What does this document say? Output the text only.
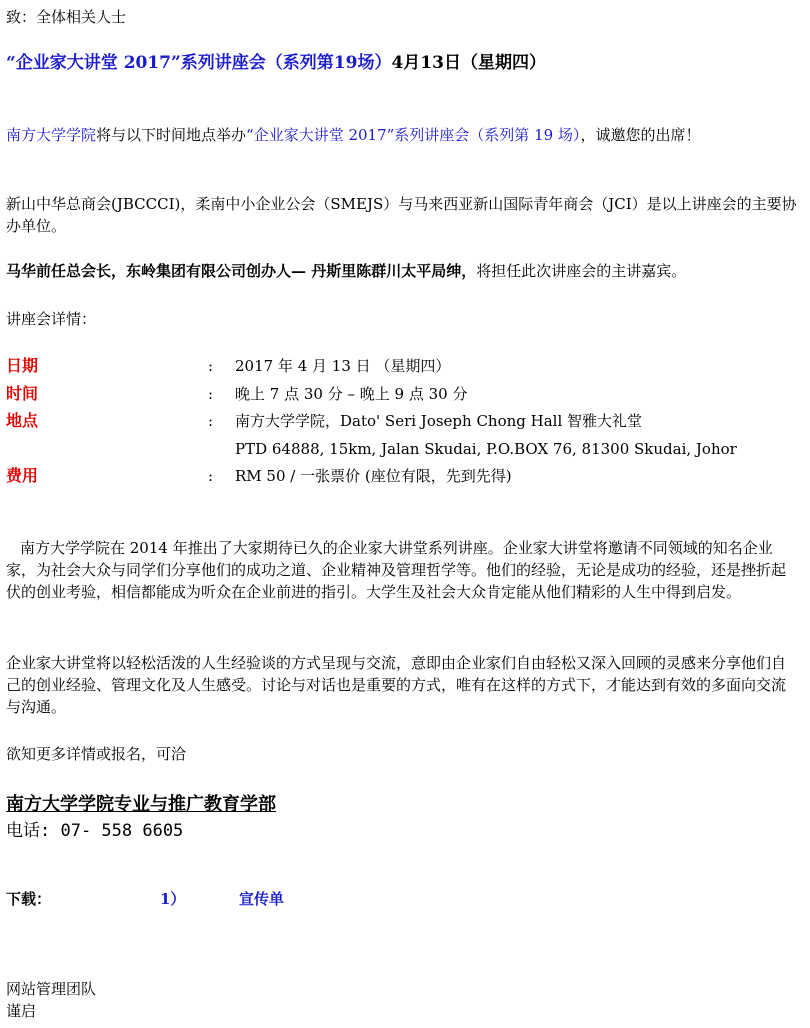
致：全体相关人士
“企业家大讲堂 2017”系列讲座会（系列第19场）4月13日（星期四）
南方大学学院将与以下时间地点举办“企业家大讲堂 2017”系列讲座会（系列第 19 场），诚邀您的出席！
新山中华总商会(JBCCCI)，柔南中小企业公会（SMEJS）与马来西亚新山国际青年商会（JCI）是以上讲座会的主要协办单位。
马华前任总会长，东岭集团有限公司创办人— 丹斯里陈群川太平局绅，将担任此次讲座会的主讲嘉宾。
讲座会详情：
日期	: 2017 年 4 月 13 日 （星期四）
时间	: 晚上 7 点 30 分 – 晚上 9 点 30 分
地点	: 南方大学学院，Dato' Seri Joseph Chong Hall 智雅大礼堂
PTD 64888, 15km, Jalan Skudai, P.O.BOX 76, 81300 Skudai, Johor
费用	: RM 50 / 一张票价 (座位有限，先到先得)
南方大学学院在 2014 年推出了大家期待已久的企业家大讲堂系列讲座。企业家大讲堂将邀请不同领域的知名企业家，为社会大众与同学们分享他们的成功之道、企业精神及管理哲学等。他们的经验，无论是成功的经验，还是挫折起伏的创业考验，相信都能成为听众在企业前进的指引。大学生及社会大众肯定能从他们精彩的人生中得到启发。
企业家大讲堂将以轻松活泼的人生经验谈的方式呈现与交流，意即由企业家们自由轻松又深入回顾的灵感来分享他们自己的创业经验、管理文化及人生感受。讨论与对话也是重要的方式，唯有在这样的方式下，才能达到有效的多面向交流与沟通。
欲知更多详情或报名，可洽
南方大学学院专业与推广教育学部
电话: 07- 558 6605
下载：	1）	宣传单
网站管理团队
谨启
